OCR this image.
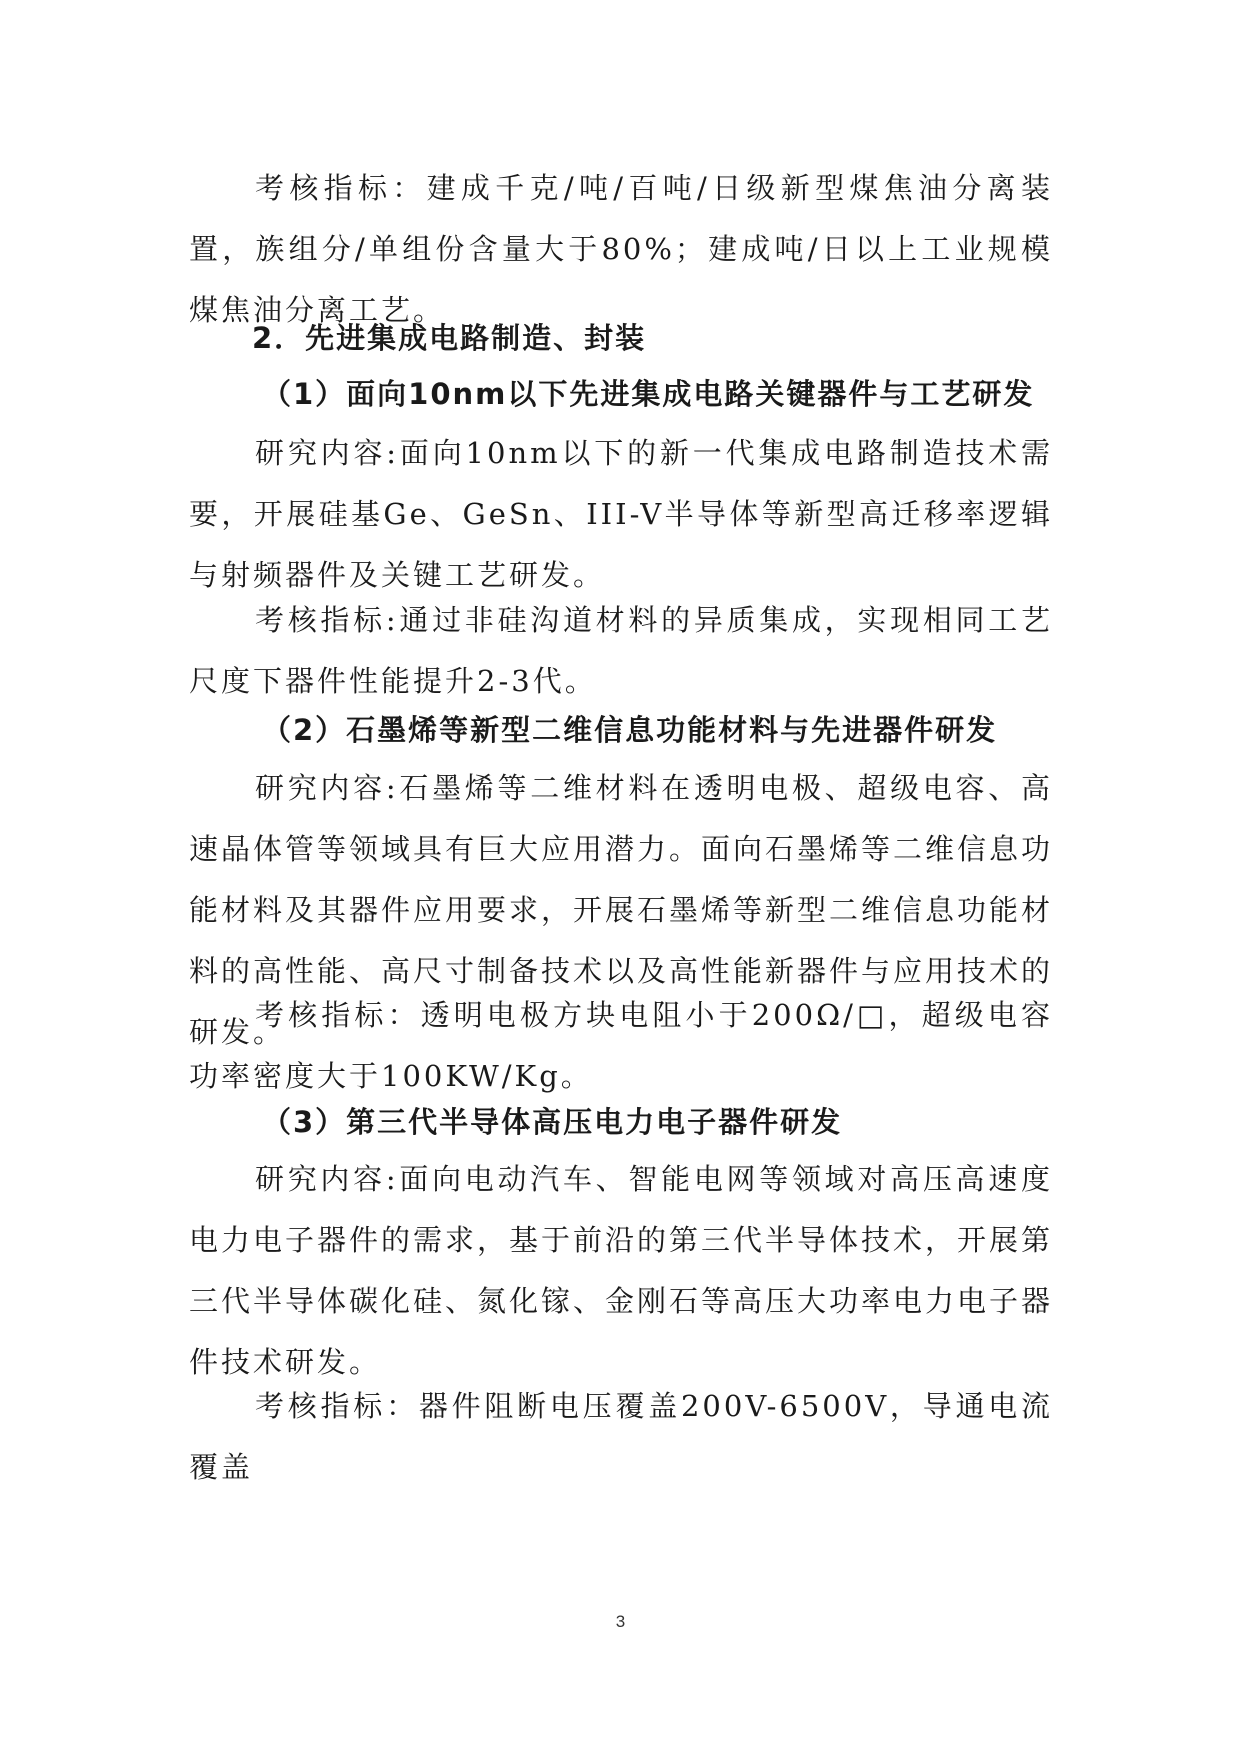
考核指标：建成千克/吨/百吨/日级新型煤焦油分离装置，族组分/单组份含量大于80%；建成吨/日以上工业规模煤焦油分离工艺。

2．先进集成电路制造、封装
（1）面向10nm以下先进集成电路关键器件与工艺研发

研究内容:面向10nm以下的新一代集成电路制造技术需要，开展硅基Ge、GeSn、III-V半导体等新型高迁移率逻辑与射频器件及关键工艺研发。

考核指标:通过非硅沟道材料的异质集成，实现相同工艺尺度下器件性能提升2-3代。

（2）石墨烯等新型二维信息功能材料与先进器件研发

研究内容:石墨烯等二维材料在透明电极、超级电容、高速晶体管等领域具有巨大应用潜力。面向石墨烯等二维信息功能材料及其器件应用要求，开展石墨烯等新型二维信息功能材料的高性能、高尺寸制备技术以及高性能新器件与应用技术的研发。

考核指标：透明电极方块电阻小于200Ω/□，超级电容功率密度大于100KW/Kg。

（3）第三代半导体高压电力电子器件研发

研究内容:面向电动汽车、智能电网等领域对高压高速度电力电子器件的需求，基于前沿的第三代半导体技术，开展第三代半导体碳化硅、氮化镓、金刚石等高压大功率电力电子器件技术研发。

考核指标：器件阻断电压覆盖200V-6500V，导通电流覆盖

3
